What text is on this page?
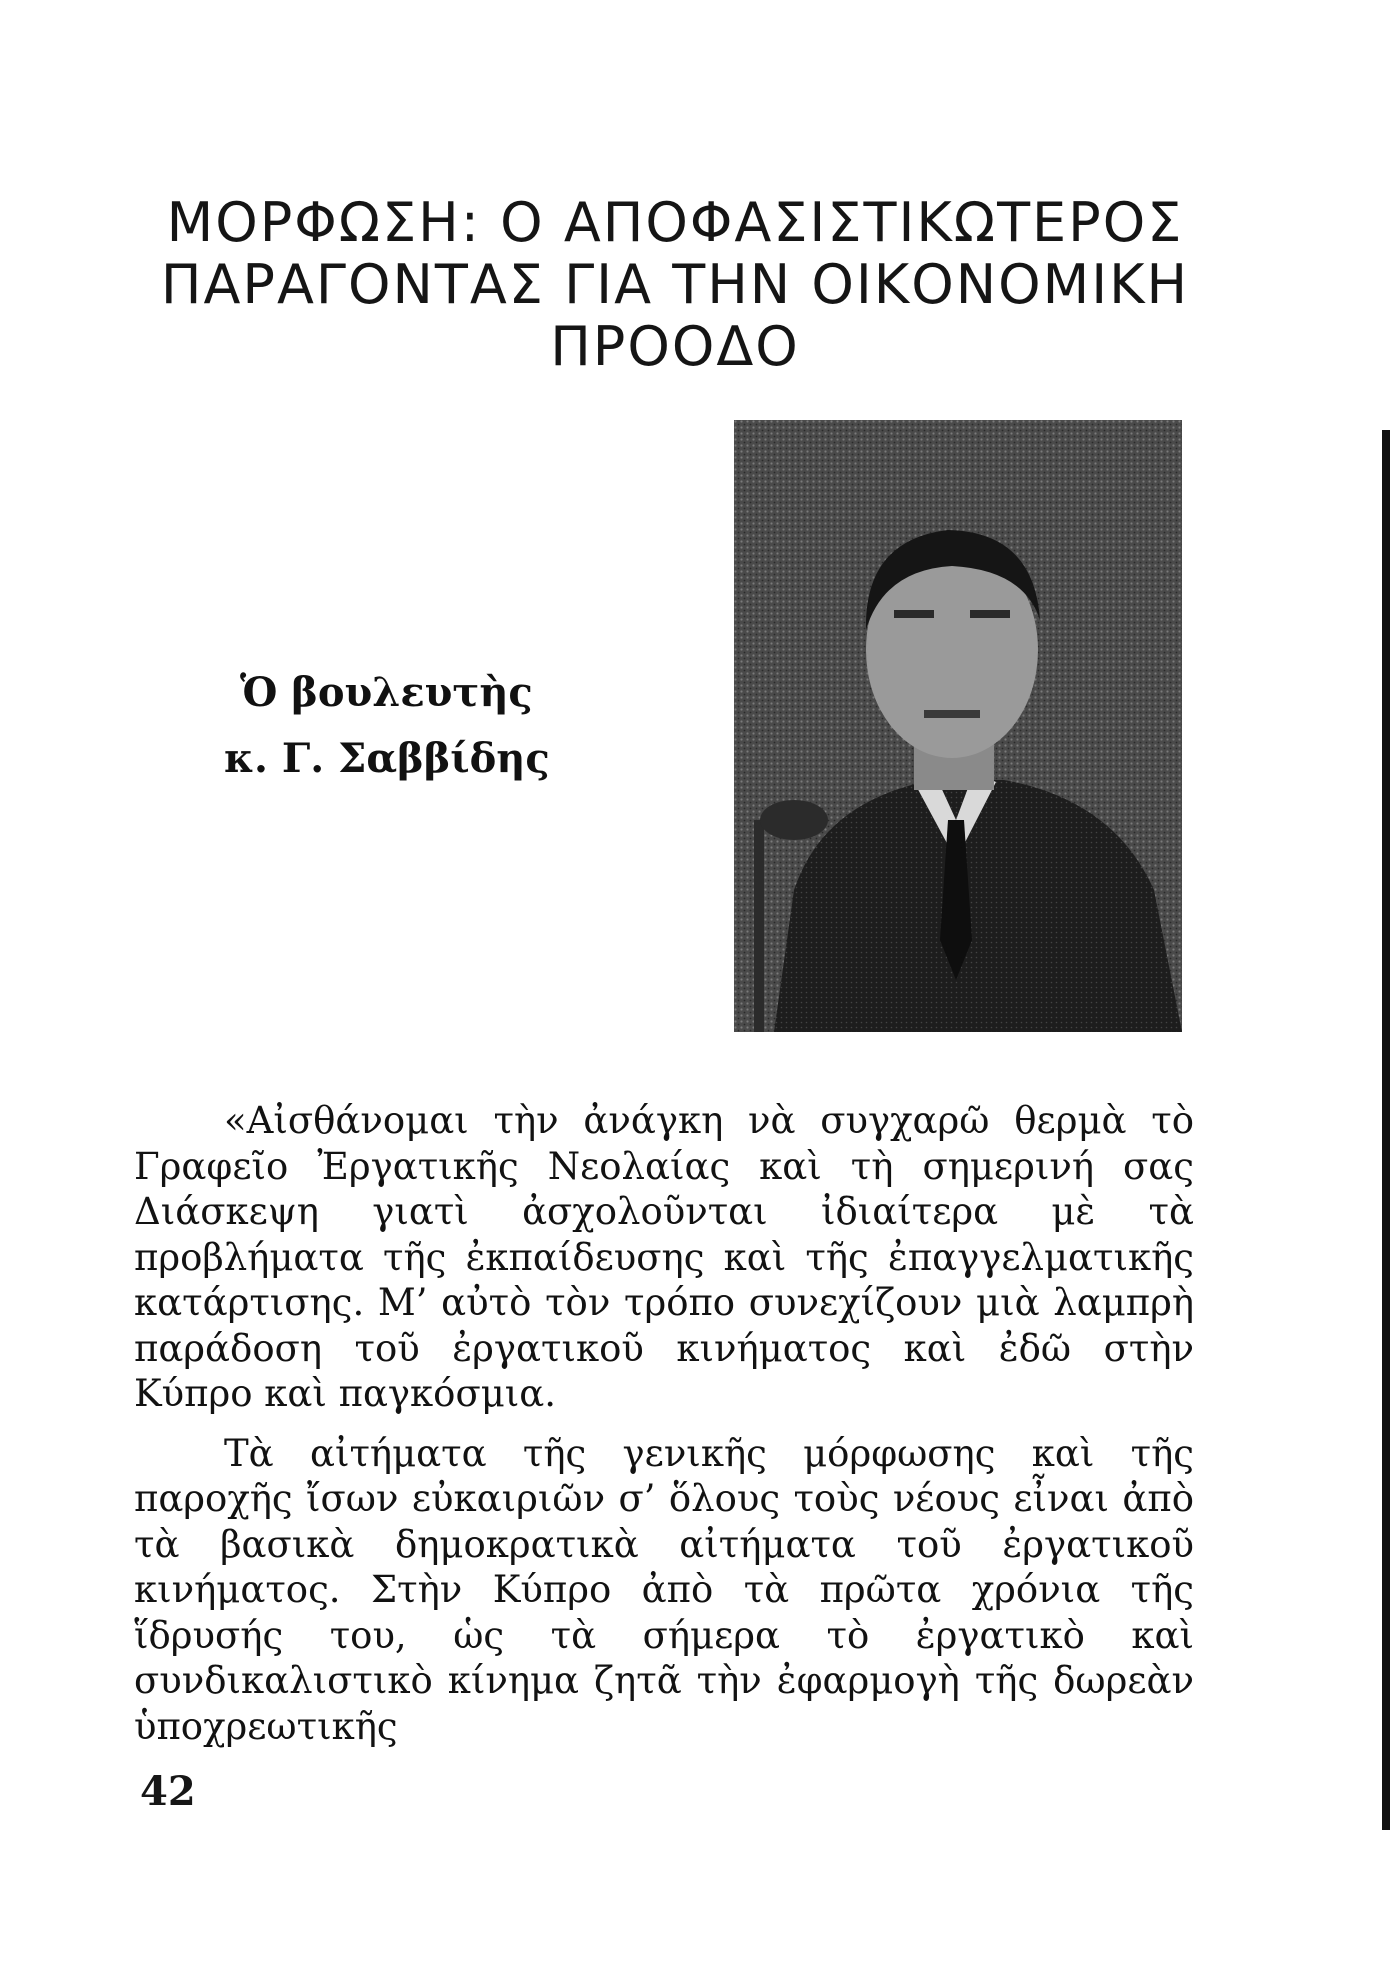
ΜΟΡΦΩΣΗ: Ο ΑΠΟΦΑΣΙΣΤΙΚΩΤΕΡΟΣ
ΠΑΡΑΓΟΝΤΑΣ ΓΙΑ ΤΗΝ ΟΙΚΟΝΟΜΙΚΗ
ΠΡΟΟΔΟ
Ὁ βουλευτὴς
κ. Γ. Σαββίδης

«Αἰσθάνομαι τὴν ἀνάγκη νὰ συγχαρῶ θερμὰ τὸ Γραφεῖο Ἐργατικῆς Νεολαίας καὶ τὴ σημερινή σας Διάσκεψη γιατὶ ἀσχολοῦνται ἰδιαίτερα μὲ τὰ προβλήματα τῆς ἐκπαίδευσης καὶ τῆς ἐπαγγελματικῆς κατάρτισης. Μ’ αὐτὸ τὸν τρόπο συνεχίζουν μιὰ λαμπρὴ παράδοση τοῦ ἐργατικοῦ κινήματος καὶ ἐδῶ στὴν Κύπρο καὶ παγκόσμια.

Τὰ αἰτήματα τῆς γενικῆς μόρφωσης καὶ τῆς παροχῆς ἴσων εὐκαιριῶν σ’ ὅλους τοὺς νέους εἶναι ἀπὸ τὰ βασικὰ δημοκρατικὰ αἰτήματα τοῦ ἐργατικοῦ κινήματος. Στὴν Κύπρο ἀπὸ τὰ πρῶτα χρόνια τῆς ἵδρυσής του, ὡς τὰ σήμερα τὸ ἐργατικὸ καὶ συνδικαλιστικὸ κίνημα ζητᾶ τὴν ἐφαρμογὴ τῆς δωρεὰν ὑποχρεωτικῆς

42
